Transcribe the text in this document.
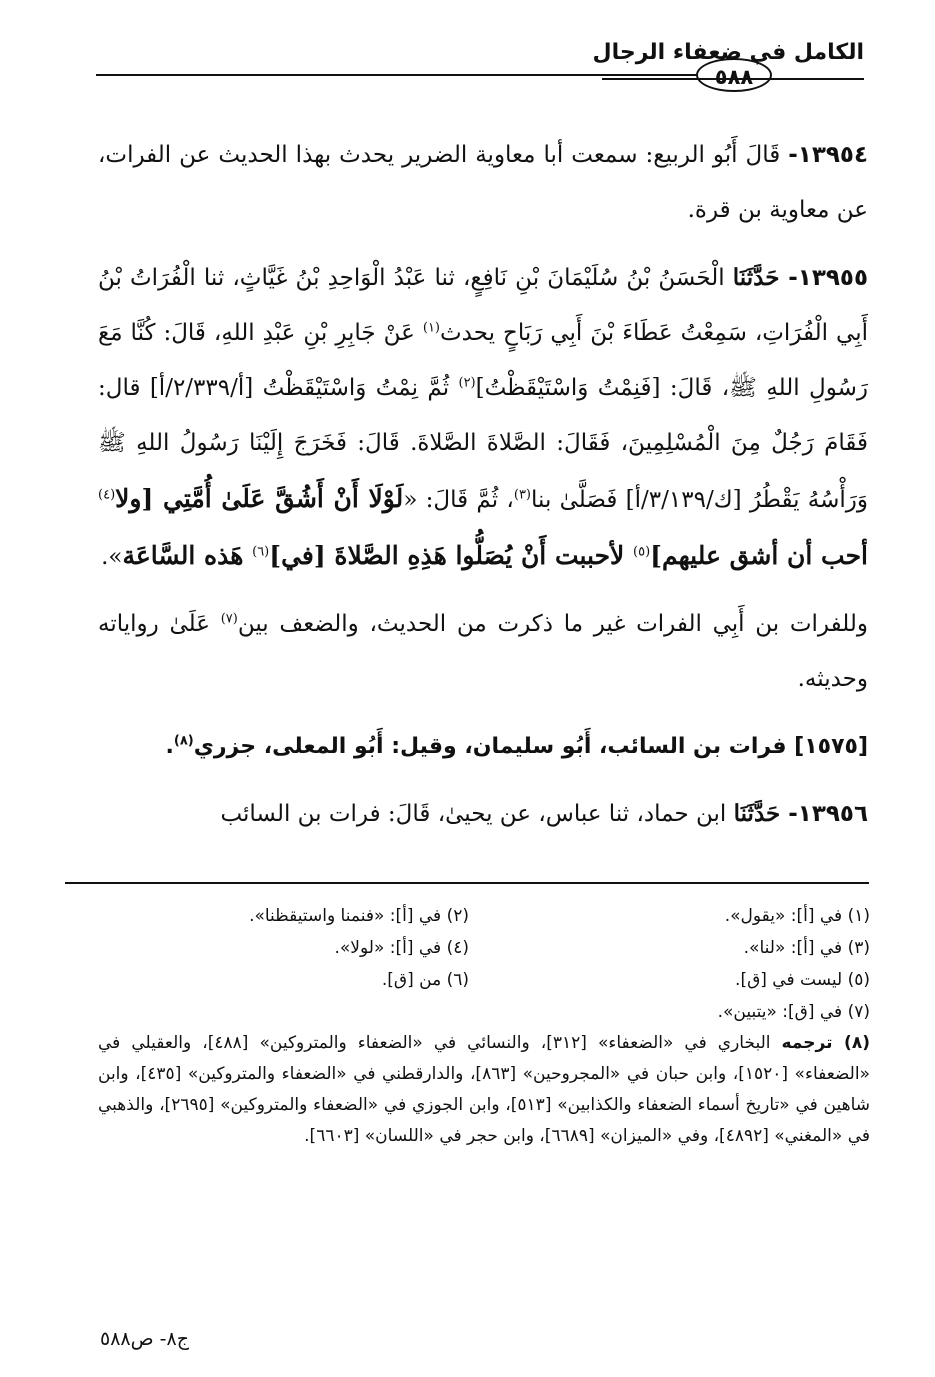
الكامل في ضعفاء الرجال
٥٨٨

١٣٩٥٤- قَالَ أَبُو الربيع: سمعت أبا معاوية الضرير يحدث بهذا الحديث عن الفرات، عن معاوية بن قرة.

١٣٩٥٥- حَدَّثَنَا الْحَسَنُ بْنُ سُلَيْمَانَ بْنِ نَافِعٍ، ثنا عَبْدُ الْوَاحِدِ بْنُ غَيَّاثٍ، ثنا الْفُرَاتُ بْنُ أَبِي الْفُرَاتِ، سَمِعْتُ عَطَاءَ بْنَ أَبِي رَبَاحٍ يحدث$^{(١)}$ عَنْ جَابِرِ بْنِ عَبْدِ اللهِ، قَالَ: كُنَّا مَعَ رَسُولِ اللهِ ﷺ، قَالَ: [فَنِمْتُ وَاسْتَيْقَظْتُ]$^{(٢)}$ ثُمَّ نِمْتُ وَاسْتَيْقَظْتُ [أ/٢/٣٣٩/أ] قال: فَقَامَ رَجُلٌ مِنَ الْمُسْلِمِينَ، فَقَالَ: الصَّلاةَ الصَّلاةَ. قَالَ: فَخَرَجَ إِلَيْنَا رَسُولُ اللهِ ﷺ وَرَأْسُهُ يَقْطُرُ [ك/٣/١٣٩/أ] فَصَلَّىٰ بنا$^{(٣)}$، ثُمَّ قَالَ: «لَوْلَا أَنْ أَشُقَّ عَلَىٰ أُمَّتِي [ولا$^{(٤)}$ أحب أن أشق عليهم]$^{(٥)}$ لأحببت أَنْ يُصَلُّوا هَذِهِ الصَّلاةَ [في]$^{(٦)}$ هَذه السَّاعَة».

وللفرات بن أَبِي الفرات غير ما ذكرت من الحديث، والضعف بين$^{(٧)}$ عَلَىٰ رواياته وحديثه.

[١٥٧٥] فرات بن السائب، أَبُو سليمان، وقيل: أَبُو المعلى، جزري$^{(٨)}$.

١٣٩٥٦- حَدَّثَنَا ابن حماد، ثنا عباس، عن يحيىٰ، قَالَ: فرات بن السائب

(١) في [أ]: «يقول».
(٢) في [أ]: «فنمنا واستيقظنا».
(٣) في [أ]: «لنا».
(٤) في [أ]: «لولا».
(٥) ليست في [ق].
(٦) من [ق].
(٧) في [ق]: «يتبين».
(٨) ترجمه البخاري في «الضعفاء» [٣١٢]، والنسائي في «الضعفاء والمتروكين» [٤٨٨]، والعقيلي في «الضعفاء» [١٥٢٠]، وابن حبان في «المجروحين» [٨٦٣]، والدارقطني في «الضعفاء والمتروكين» [٤٣٥]، وابن شاهين في «تاريخ أسماء الضعفاء والكذابين» [٥١٣]، وابن الجوزي في «الضعفاء والمتروكين» [٢٦٩٥]، والذهبي في «المغني» [٤٨٩٢]، وفي «الميزان» [٦٦٨٩]، وابن حجر في «اللسان» [٦٦٠٣].
ج٨- ص٥٨٨
